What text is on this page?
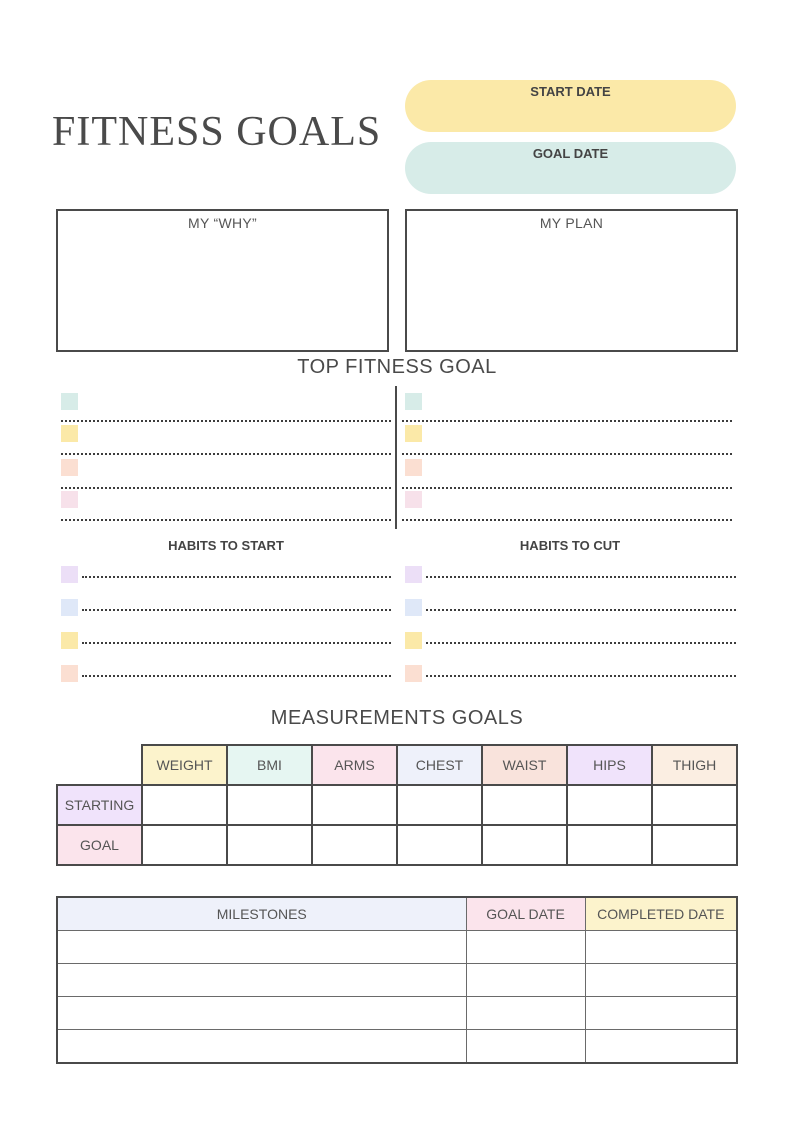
FITNESS GOALS
START DATE
GOAL DATE
MY “WHY”	MY PLAN
TOP FITNESS GOAL
HABITS TO START	HABITS TO CUT
MEASUREMENTS GOALS
	WEIGHT	BMI	ARMS	CHEST	WAIST	HIPS	THIGH
STARTING							
GOAL							
MILESTONES	GOAL DATE	COMPLETED DATE
